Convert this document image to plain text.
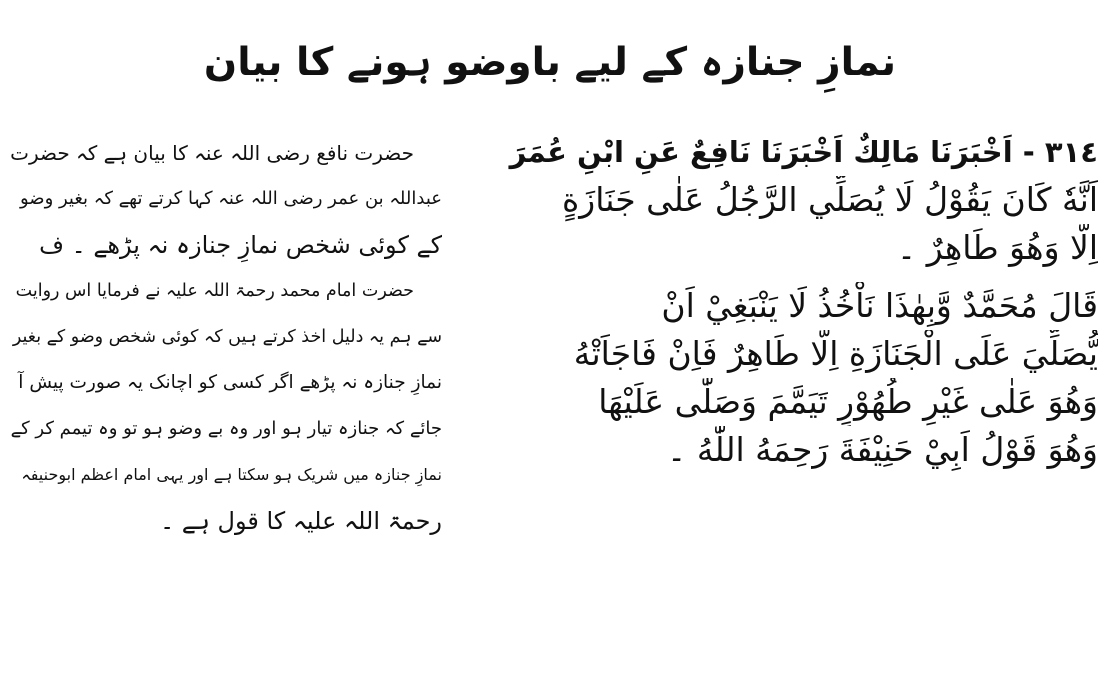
نمازِ جنازہ کے لیے باوضو ہونے کا بیان
٣١٤ - اَخْبَرَنَا مَالِكٌ اَخْبَرَنَا نَافِعٌ عَنِ ابْنِ عُمَرَ
اَنَّهٗ كَانَ يَقُوْلُ لَا يُصَلِّي الرَّجُلُ عَلٰى جَنَازَةٍ
اِلَّا وَهُوَ طَاهِرٌ ۔
قَالَ مُحَمَّدٌ وَّبِهٰذَا نَاْخُذُ لَا يَنْبَغِيْ اَنْ
يُّصَلِّيَ عَلَى الْجَنَازَةِ اِلَّا طَاهِرٌ فَاِنْ فَاجَاَتْهُ
وَهُوَ عَلٰى غَيْرِ طُهُوْرٍ تَيَمَّمَ وَصَلّٰى عَلَيْهَا
وَهُوَ قَوْلُ اَبِيْ حَنِيْفَةَ رَحِمَهُ اللّٰهُ ۔
حضرت نافع رضی اللہ عنہ کا بیان ہے کہ حضرت
عبداللہ بن عمر رضی اللہ عنہ کہا کرتے تھے کہ بغیر وضو
کے کوئی شخص نمازِ جنازہ نہ پڑھے ۔ ف
حضرت امام محمد رحمۃ اللہ علیہ نے فرمایا اس روایت
سے ہم یہ دلیل اخذ کرتے ہیں کہ کوئی شخص وضو کے بغیر
نمازِ جنازہ نہ پڑھے اگر کسی کو اچانک یہ صورت پیش آ
جائے کہ جنازہ تیار ہو اور وہ بے وضو ہو تو وہ تیمم کر کے
نمازِ جنازہ میں شریک ہو سکتا ہے اور یہی امام اعظم ابوحنیفہ
رحمۃ اللہ علیہ کا قول ہے ۔
